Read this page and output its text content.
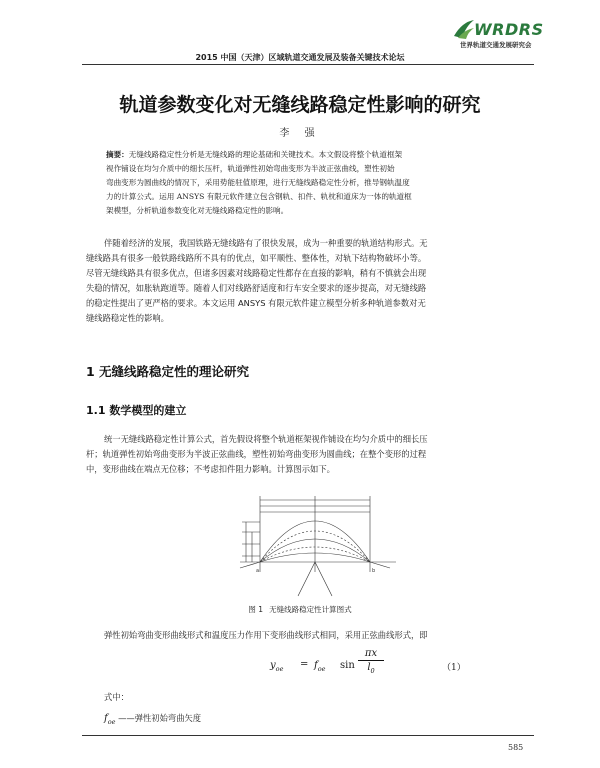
WRDRS
世界轨道交通发展研究会
2015 中国（天津）区域轨道交通发展及装备关键技术论坛
轨道参数变化对无缝线路稳定性影响的研究
李 强
摘要：无缝线路稳定性分析是无缝线路的理论基础和关键技术。本文假设将整个轨道框架
视作铺设在均匀介质中的细长压杆，轨道弹性初始弯曲变形为半波正弦曲线，塑性初始
弯曲变形为圆曲线的情况下，采用势能驻值原理，进行无缝线路稳定性分析，推导钢轨温度
力的计算公式。运用 ANSYS 有限元软件建立包含钢轨、扣件、轨枕和道床为一体的轨道框
架模型，分析轨道参数变化对无缝线路稳定性的影响。
伴随着经济的发展，我国铁路无缝线路有了很快发展，成为一种重要的轨道结构形式。无
缝线路具有很多一般铁路线路所不具有的优点，如平顺性、整体性，对轨下结构物破坏小等。
尽管无缝线路具有很多优点，但诸多因素对线路稳定性都存在直接的影响，稍有不慎就会出现
失稳的情况，如胀轨跑道等。随着人们对线路舒适度和行车安全要求的逐步提高，对无缝线路
的稳定性提出了更严格的要求。本文运用 ANSYS 有限元软件建立模型分析多种轨道参数对无
缝线路稳定性的影响。
1 无缝线路稳定性的理论研究
1.1 数学模型的建立
统一无缝线路稳定性计算公式，首先假设将整个轨道框架视作铺设在均匀介质中的细长压
杆；轨道弹性初始弯曲变形为半波正弦曲线，塑性初始弯曲变形为圆曲线；在整个变形的过程
中，变形曲线在端点无位移；不考虑扣件阻力影响。计算图示如下。
a	b
图 1 无缝线路稳定性计算图式
弹性初始弯曲变形曲线形式和温度压力作用下变形曲线形式相同，采用正弦曲线形式，即
$y_{oe} = f_{oe}$ sin
πx
$l_0$	（1）
式中：
$f_{oe}$ ——弹性初始弯曲矢度
585
